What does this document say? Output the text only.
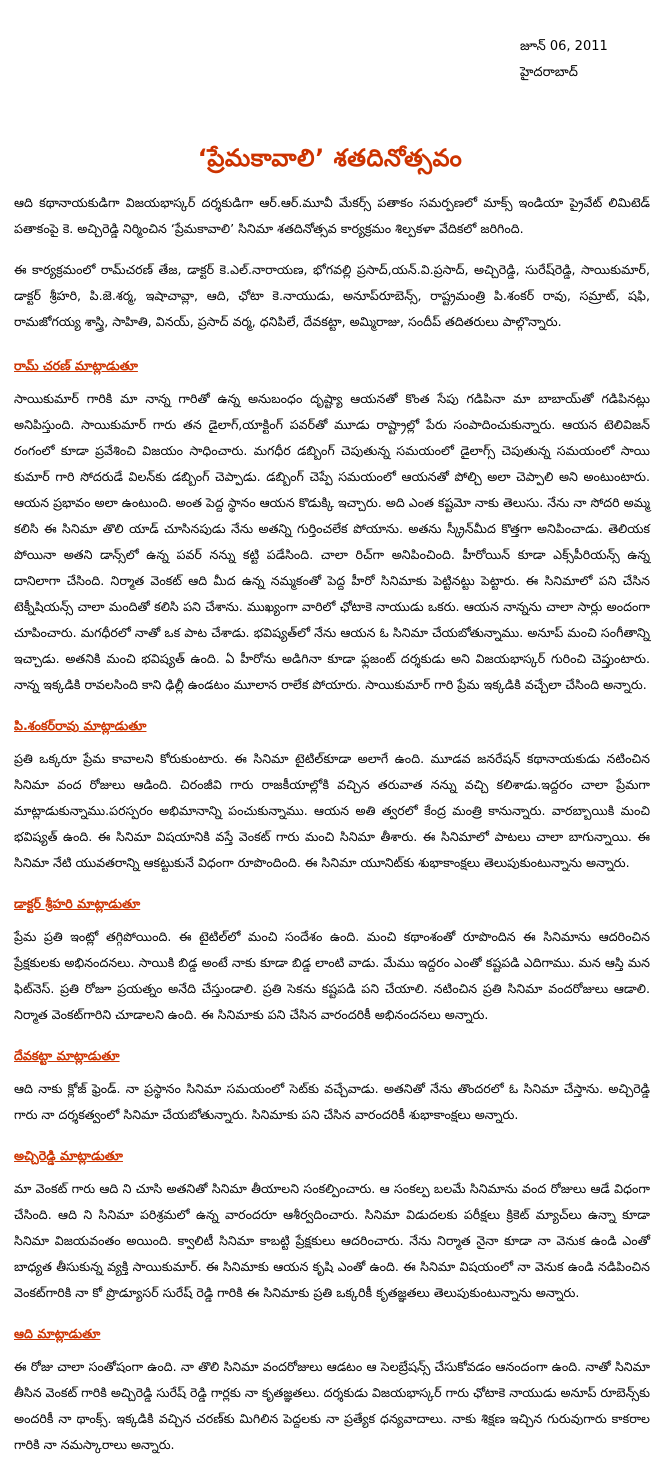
జూన్ 06, 2011
హైదరాబాద్
‘ప్రేమకావాలి’ శతదినోత్సవం

ఆది కథానాయకుడిగా విజయభాస్కర్ దర్శకుడిగా ఆర్.ఆర్.మూవీ మేకర్స్ పతాకం సమర్పణలో మాక్స్ ఇండియా ప్రైవేట్ లిమిటెడ్ పతాకంపై కె. అచ్చిరెడ్డి నిర్మించిన ‘ప్రేమకావాలి’ సినిమా శతదినోత్సవ కార్యక్రమం శిల్పకళా వేదికలో జరిగింది.

ఈ కార్యక్రమంలో రామ్‌చరణ్ తేజ, డాక్టర్ కె.ఎల్.నారాయణ, భోగవల్లి ప్రసాద్,యన్.వి.ప్రసాద్, అచ్చిరెడ్డి, సురేష్‌రెడ్డి, సాయికుమార్, డాక్టర్ శ్రీహరి, పి.జె.శర్మ, ఇషాచావ్లా, ఆది, ఛోటా కె.నాయుడు, అనూప్‌రూబెన్స్, రాష్ట్రమంత్రి పి.శంకర్ రావు, సమ్రాట్, షఫి, రామజోగయ్య శాస్త్రి, సాహితి, వినయ్, ప్రసాద్ వర్మ, ధనిపిలే, దేవకట్టా, అమ్మిరాజు, సందీప్ తదితరులు పాల్గొన్నారు.

రామ్ చరణ్ మాట్లాడుతూ

సాయికుమార్ గారికి మా నాన్న గారితో ఉన్న అనుబంధం దృష్ట్యా ఆయనతో కొంత సేపు గడిపినా మా బాబాయ్‌తో గడిపినట్లు అనిపిస్తుంది. సాయికుమార్ గారు తన డైలాగ్,యాక్టింగ్ పవర్‌తో మూడు రాష్ట్రాల్లో పేరు సంపాదించుకున్నారు. ఆయన టెలివిజన్ రంగంలో కూడా ప్రవేశించి విజయం సాధించారు. మగధీర డబ్బింగ్ చెపుతున్న సమయంలో డైలాగ్స్ చెపుతున్న సమయంలో సాయి కుమార్ గారి సోదరుడే విలన్‌కు డబ్బింగ్ చెప్పాడు. డబ్బింగ్ చెప్పే సమయంలో ఆయనతో పోల్చి అలా చెప్పాలి అని అంటుంటారు. ఆయన ప్రభావం అలా ఉంటుంది. అంత పెద్ద స్థానం ఆయన కొడుక్కి ఇచ్చారు. అది ఎంత కష్టమో నాకు తెలుసు. నేను నా సోదరి అమ్మ కలిసి ఈ సినిమా తొలి యాడ్ చూసినపుడు నేను అతన్ని గుర్తించలేక పోయాను. అతను స్క్రీన్‌మీద కొత్తగా అనిపించాడు. తెలియక పోయినా అతని డాన్స్‌లో ఉన్న పవర్ నన్ను కట్టి పడేసింది. చాలా రిచ్‌గా అనిపించింది. హీరోయిన్ కూడా ఎక్స్‌పీరియన్స్ ఉన్న దానిలాగా చేసింది. నిర్మాత వెంకట్ ఆది మీద ఉన్న నమ్మకంతో పెద్ద హీరో సినిమాకు పెట్టినట్టు పెట్టారు. ఈ సినిమాలో పని చేసిన టెక్నీషియన్స్ చాలా మందితో కలిసి పని చేశాను. ముఖ్యంగా వారిలో ఛోటాకె నాయుడు ఒకరు. ఆయన నాన్నను చాలా సార్లు అందంగా చూపించారు. మగధీరలో నాతో ఒక పాట చేశాడు. భవిష్యత్‌లో నేను ఆయన ఓ సినిమా చేయబోతున్నాము. అనూప్ మంచి సంగీతాన్ని ఇచ్చాడు. అతనికి మంచి భవిష్యత్ ఉంది. ఏ హీరోను అడిగినా కూడా ఫ్లజంట్ దర్శకుడు అని విజయభాస్కర్ గురించి చెప్తుంటారు. నాన్న ఇక్కడికి రావలసింది కాని ఢిల్లీ ఉండటం మూలాన రాలేక పోయారు. సాయికుమార్ గారి ప్రేమ ఇక్కడికి వచ్చేలా చేసింది అన్నారు.

పి.శంకర్‌రావు మాట్లాడుతూ

ప్రతి ఒక్కరూ ప్రేమ కావాలని కోరుకుంటారు. ఈ సినిమా టైటిల్‌కూడా అలాగే ఉంది. మూడవ జనరేషన్ కథానాయకుడు నటించిన సినిమా వంద రోజులు ఆడింది. చిరంజీవి గారు రాజకీయాల్లోకి వచ్చిన తరువాత నన్ను వచ్చి కలిశాడు.ఇద్దరం చాలా ప్రేమగా మాట్లాడుకున్నాము.పరస్పరం అభిమానాన్ని పంచుకున్నాము. ఆయన అతి త్వరలో కేంద్ర మంత్రి కానున్నారు. వారబ్బాయికి మంచి భవిష్యత్ ఉంది. ఈ సినిమా విషయానికి వస్తే వెంకట్ గారు మంచి సినిమా తీశారు. ఈ సినిమాలో పాటలు చాలా బాగున్నాయి. ఈ సినిమా నేటి యువతరాన్ని ఆకట్టుకునే విధంగా రూపొందింది. ఈ సినిమా యూనిట్‌కు శుభాకాంక్షలు తెలుపుకుంటున్నాను అన్నారు.

డాక్టర్ శ్రీహరి మాట్లాడుతూ

ప్రేమ ప్రతి ఇంట్లో తగ్గిపోయింది. ఈ టైటిల్‌లో మంచి సందేశం ఉంది. మంచి కథాంశంతో రూపొందిన ఈ సినిమాను ఆదరించిన ప్రేక్షకులకు అభినందనలు. సాయికి బిడ్డ అంటే నాకు కూడా బిడ్డ లాంటి వాడు. మేము ఇద్దరం ఎంతో కష్టపడి ఎదిగాము. మన ఆస్తి మన ఫిట్‌నెస్. ప్రతి రోజూ ప్రయత్నం అనేది చేస్తుండాలి. ప్రతి సెకను కష్టపడి పని చేయాలి. నటించిన ప్రతి సినిమా వందరోజులు ఆడాలి. నిర్మాత వెంకట్‌గారిని చూడాలని ఉంది. ఈ సినిమాకు పని చేసిన వారందరికీ అభినందనలు అన్నారు.

దేవకట్టా మాట్లాడుతూ

ఆది నాకు క్లోజ్ ఫ్రెండ్. నా ప్రస్థానం సినిమా సమయంలో సెట్‌కు వచ్చేవాడు. అతనితో నేను తొందరలో ఓ సినిమా చేస్తాను. అచ్చిరెడ్డి గారు నా దర్శకత్వంలో సినిమా చేయబోతున్నారు. సినిమాకు పని చేసిన వారందరికీ శుభాకాంక్షలు అన్నారు.

అచ్చిరెడ్డి మాట్లాడుతూ

మా వెంకట్ గారు ఆది ని చూసి అతనితో సినిమా తీయాలని సంకల్పించారు. ఆ సంకల్ప బలమే సినిమాను వంద రోజులు ఆడే విధంగా చేసింది. ఆది ని సినిమా పరిశ్రమలో ఉన్న వారందరూ ఆశీర్వదించారు. సినిమా విడుదలకు పరీక్షలు క్రికెట్ మ్యాచ్‌లు ఉన్నా కూడా సినిమా విజయవంతం అయింది. క్వాలిటీ సినిమా కాబట్టి ప్రేక్షకులు ఆదరించారు. నేను నిర్మాత నైనా కూడా నా వెనుక ఉండి ఎంతో బాధ్యత తీసుకున్న వ్యక్తి సాయికుమార్. ఈ సినిమాకు ఆయన కృషి ఎంతో ఉంది. ఈ సినిమా విషయంలో నా వెనుక ఉండి నడిపించిన వెంకట్‌గారికి నా కో ప్రొడ్యూసర్ సురేష్ రెడ్డి గారికి ఈ సినిమాకు ప్రతి ఒక్కరికీ కృతజ్ఞతలు తెలుపుకుంటున్నాను అన్నారు.

ఆది మాట్లాడుతూ

ఈ రోజు చాలా సంతోషంగా ఉంది. నా తొలి సినిమా వందరోజులు ఆడటం ఆ సెలబ్రేషన్స్ చేసుకోవడం ఆనందంగా ఉంది. నాతో సినిమా తీసిన వెంకట్ గారికి అచ్చిరెడ్డి సురేష్ రెడ్డి గార్లకు నా కృతజ్ఞతలు. దర్శకుడు విజయభాస్కర్ గారు ఛోటాకె నాయుడు అనూప్ రూబెన్స్‌కు అందరికీ నా థాంక్స్. ఇక్కడికి వచ్చిన చరణ్‌కు మిగిలిన పెద్దలకు నా ప్రత్యేక ధన్యవాదాలు. నాకు శిక్షణ ఇచ్చిన గురువుగారు కాకరాల గారికి నా నమస్కారాలు అన్నారు.
